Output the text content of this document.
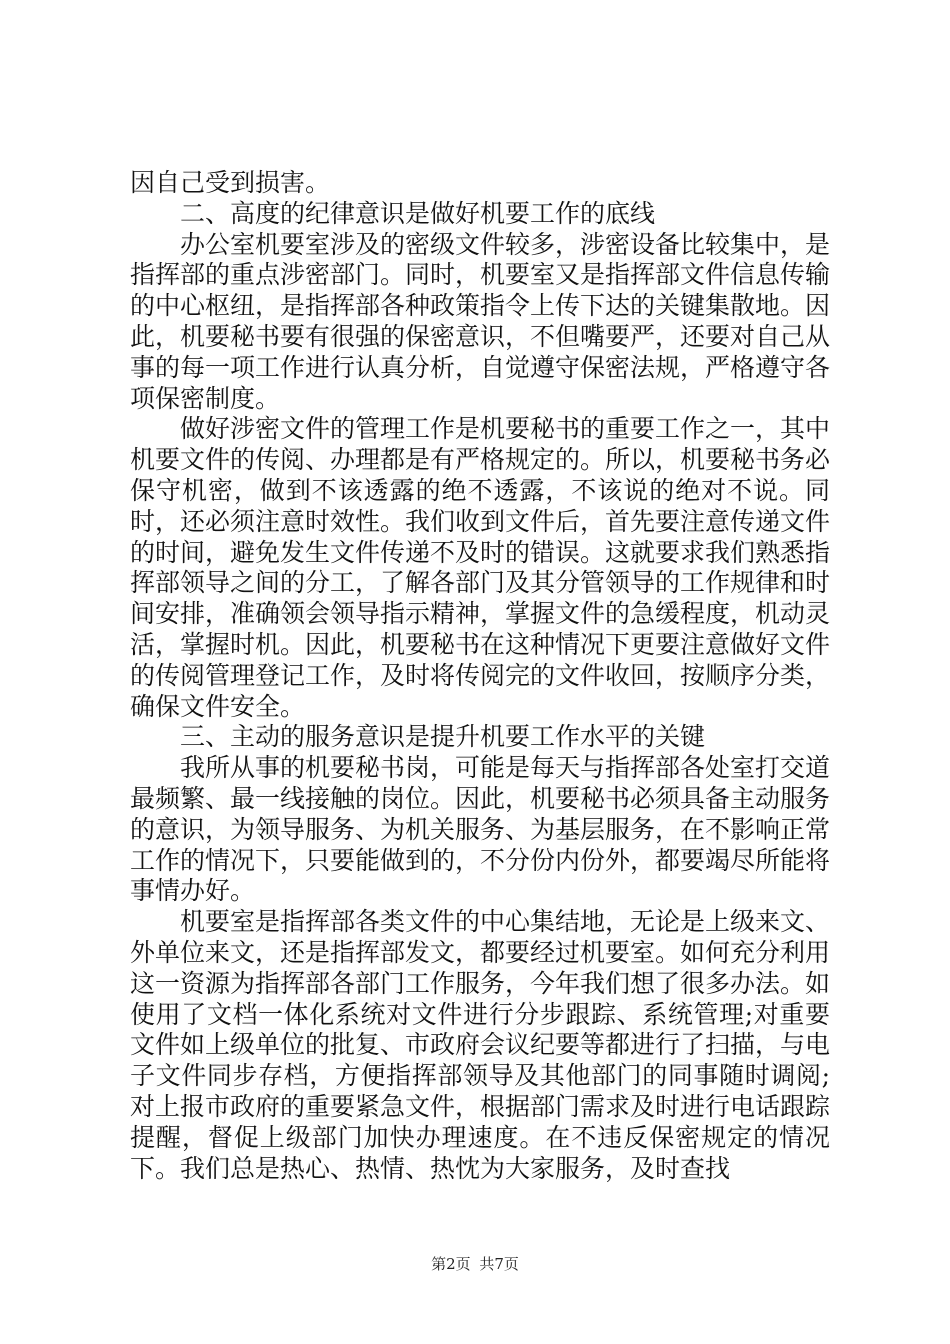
因自己受到损害。

二、高度的纪律意识是做好机要工作的底线

办公室机要室涉及的密级文件较多，涉密设备比较集中，是指挥部的重点涉密部门。同时，机要室又是指挥部文件信息传输的中心枢纽，是指挥部各种政策指令上传下达的关键集散地。因此，机要秘书要有很强的保密意识，不但嘴要严，还要对自己从事的每一项工作进行认真分析，自觉遵守保密法规，严格遵守各项保密制度。

做好涉密文件的管理工作是机要秘书的重要工作之一，其中机要文件的传阅、办理都是有严格规定的。所以，机要秘书务必保守机密，做到不该透露的绝不透露，不该说的绝对不说。同时，还必须注意时效性。我们收到文件后，首先要注意传递文件的时间，避免发生文件传递不及时的错误。这就要求我们熟悉指挥部领导之间的分工，了解各部门及其分管领导的工作规律和时间安排，准确领会领导指示精神，掌握文件的急缓程度，机动灵活，掌握时机。因此，机要秘书在这种情况下更要注意做好文件的传阅管理登记工作，及时将传阅完的文件收回，按顺序分类，确保文件安全。

三、主动的服务意识是提升机要工作水平的关键

我所从事的机要秘书岗，可能是每天与指挥部各处室打交道最频繁、最一线接触的岗位。因此，机要秘书必须具备主动服务的意识，为领导服务、为机关服务、为基层服务，在不影响正常工作的情况下，只要能做到的，不分份内份外，都要竭尽所能将事情办好。

机要室是指挥部各类文件的中心集结地，无论是上级来文、外单位来文，还是指挥部发文，都要经过机要室。如何充分利用这一资源为指挥部各部门工作服务，今年我们想了很多办法。如使用了文档一体化系统对文件进行分步跟踪、系统管理;对重要文件如上级单位的批复、市政府会议纪要等都进行了扫描，与电子文件同步存档，方便指挥部领导及其他部门的同事随时调阅;对上报市政府的重要紧急文件，根据部门需求及时进行电话跟踪提醒，督促上级部门加快办理速度。在不违反保密规定的情况下。我们总是热心、热情、热忱为大家服务，及时查找

第2页 共7页
